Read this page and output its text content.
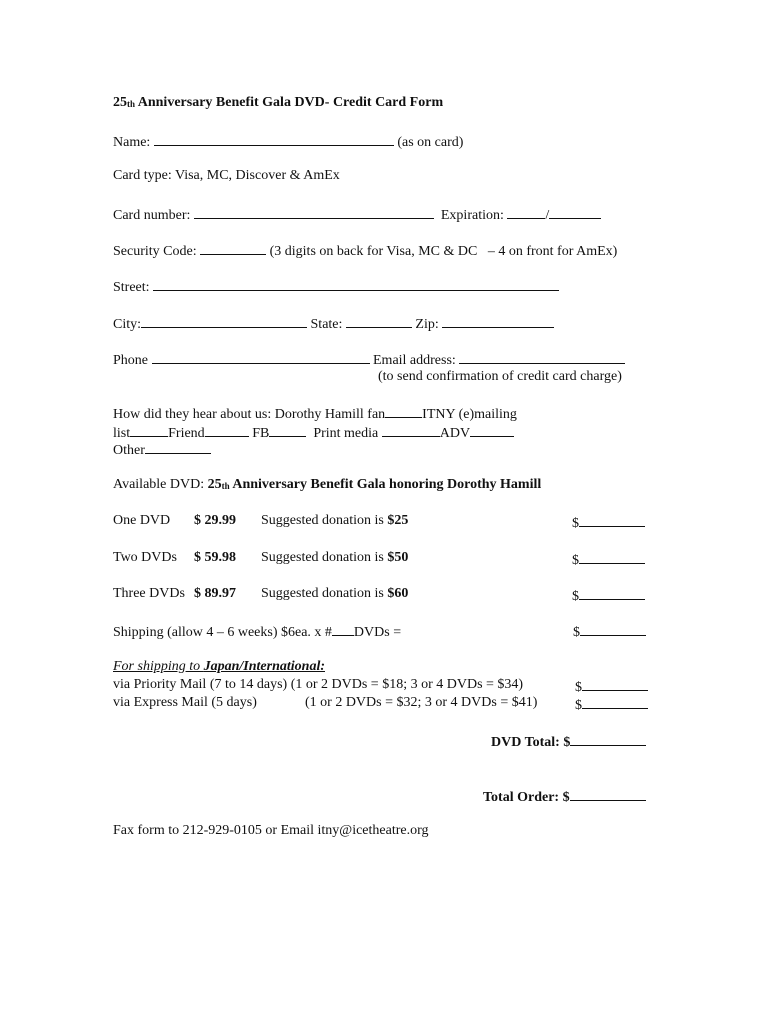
$25_{th}$ Anniversary Benefit Gala DVD- Credit Card Form
Name:	(as on card)
Card type: Visa, MC, Discover & AmEx
Card number:	Expiration:	/
Security Code:	(3 digits on back for Visa, MC & DC   – 4 on front for AmEx)
Street:
City:	State:	Zip:
Phone	Email address:
(to send confirmation of credit card charge)
How did they hear about us: Dorothy Hamill fan	ITNY (e)mailing
list	Friend	FB	Print media	ADV
Other
Available DVD: $25_{th}$ Anniversary Benefit Gala honoring Dorothy Hamill
One DVD $ 29.99 Suggested donation is $25	$
Two DVDs $ 59.98 Suggested donation is $50	$
Three DVDs $ 89.97 Suggested donation is $60	$
Shipping (allow 4 – 6 weeks) $6ea. x # DVDs =	$
For shipping to Japan/International:
via Priority Mail (7 to 14 days) (1 or 2 DVDs = $18; 3 or 4 DVDs = $34)	$
via Express Mail (5 days)	(1 or 2 DVDs = $32; 3 or 4 DVDs = $41)	$
DVD Total: $
Total Order: $
Fax form to 212-929-0105 or Email itny@icetheatre.org
